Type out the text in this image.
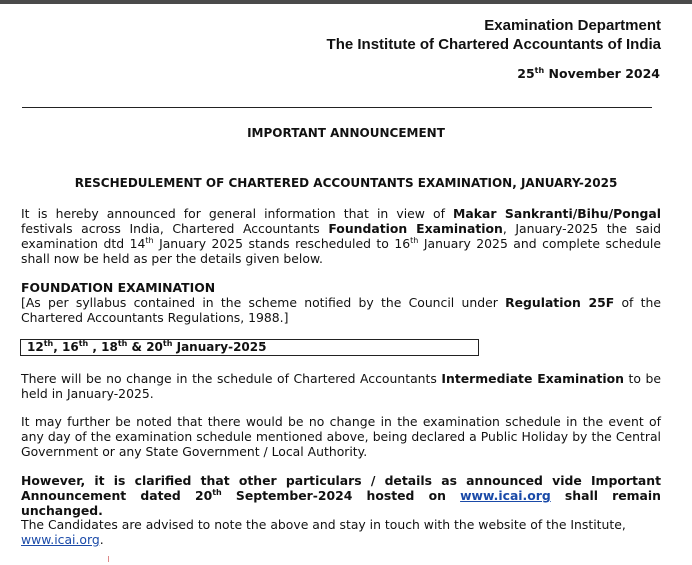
Examination Department
The Institute of Chartered Accountants of India
25th November 2024
IMPORTANT ANNOUNCEMENT
RESCHEDULEMENT OF CHARTERED ACCOUNTANTS EXAMINATION, JANUARY-2025
It is hereby announced for general information that in view of Makar Sankranti/Bihu/Pongal festivals across India, Chartered Accountants Foundation Examination, January-2025 the said examination dtd 14th January 2025 stands rescheduled to 16th January 2025 and complete schedule shall now be held as per the details given below.
FOUNDATION EXAMINATION
[As per syllabus contained in the scheme notified by the Council under Regulation 25F of the Chartered Accountants Regulations, 1988.]
12th, 16th , 18th & 20th January-2025
There will be no change in the schedule of Chartered Accountants Intermediate Examination to be held in January-2025.
It may further be noted that there would be no change in the examination schedule in the event of any day of the examination schedule mentioned above, being declared a Public Holiday by the Central Government or any State Government / Local Authority.
However, it is clarified that other particulars / details as announced vide Important Announcement dated 20th September-2024 hosted on www.icai.org shall remain unchanged.
The Candidates are advised to note the above and stay in touch with the website of the Institute,
www.icai.org.
